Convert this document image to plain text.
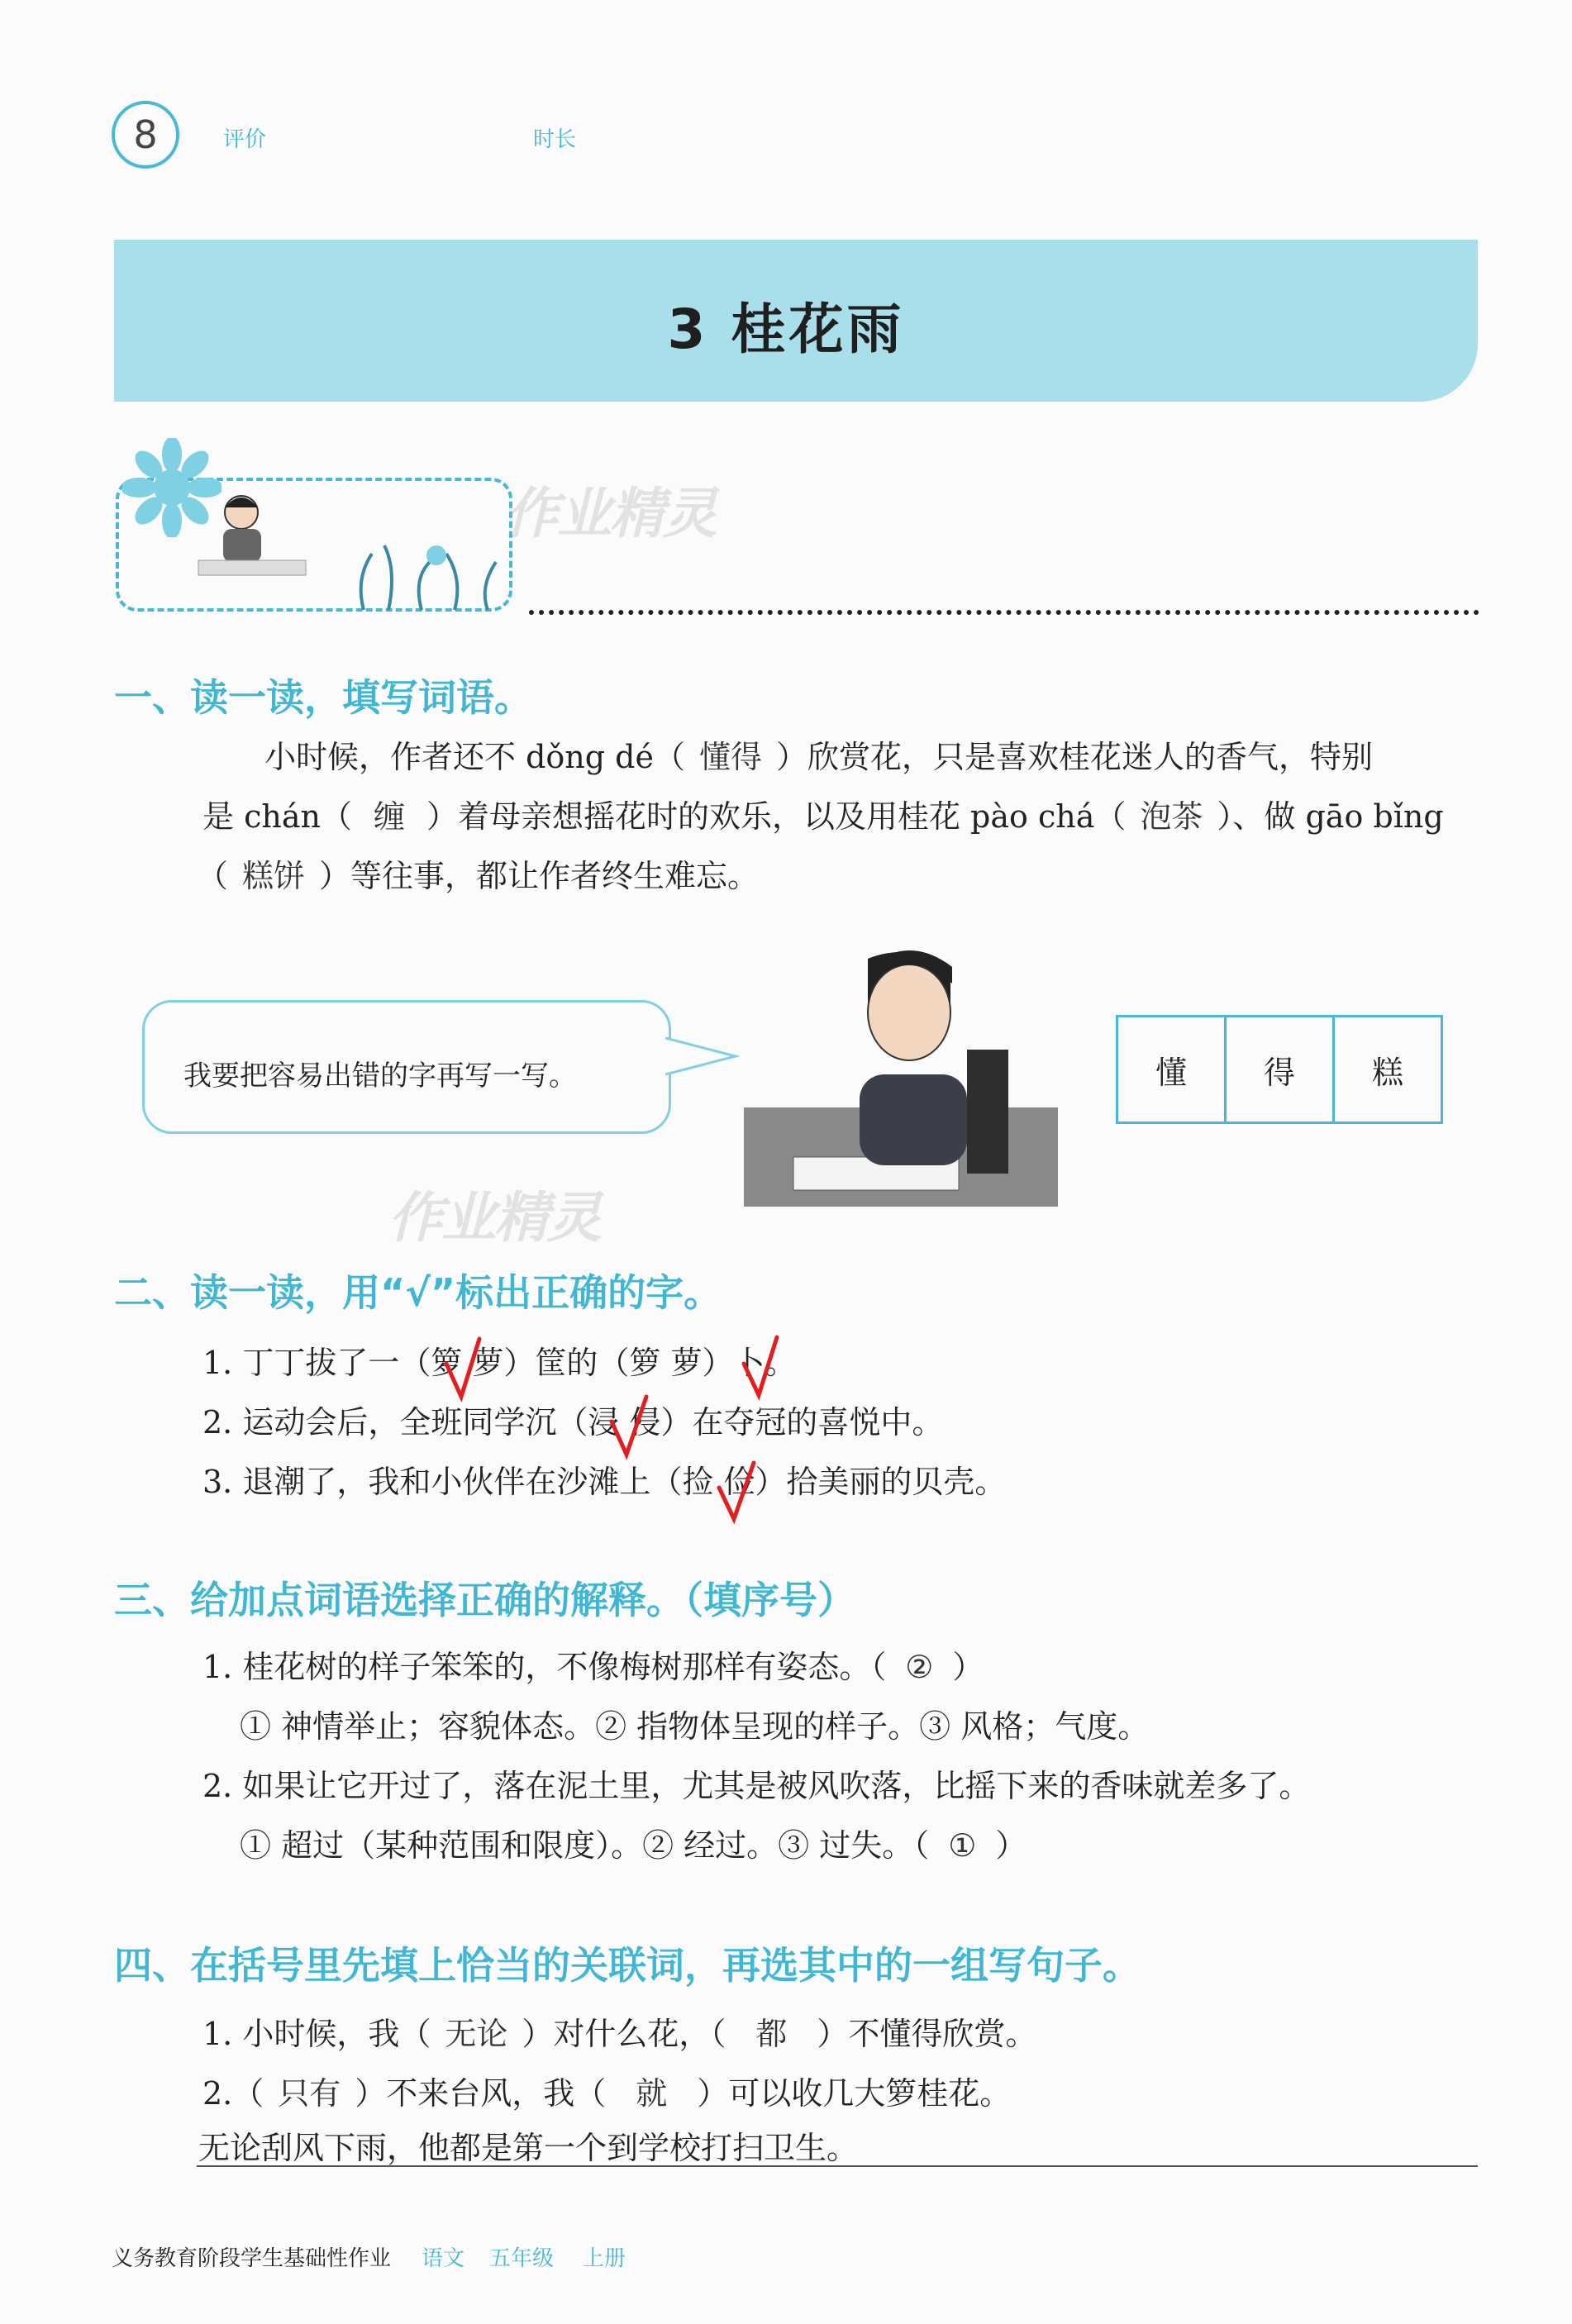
8	评价	时长
3 桂花雨
作业精灵
一、读一读，填写词语。
小时候，作者还不 dǒng dé（ 懂得 ）欣赏花，只是喜欢桂花迷人的香气，特别
是 chán（ 缠 ）着母亲想摇花时的欢乐，以及用桂花 pào chá（ 泡茶 ）、做 gāo bǐng
（ 糕饼 ）等往事，都让作者终生难忘。
我要把容易出错的字再写一写。	懂	得	糕
作业精灵
二、读一读，用“√”标出正确的字。
1. 丁丁拔了一（箩 萝）筐的（箩 萝）卜。
2. 运动会后，全班同学沉（浸 侵）在夺冠的喜悦中。
3. 退潮了，我和小伙伴在沙滩上（捡 俭）拾美丽的贝壳。
三、给加点词语选择正确的解释。（填序号）
1. 桂花树的样子笨笨的，不像梅树那样有姿态。（ ② ）
① 神情举止；容貌体态。② 指物体呈现的样子。③ 风格；气度。
2. 如果让它开过了，落在泥土里，尤其是被风吹落，比摇下来的香味就差多了。
① 超过（某种范围和限度）。② 经过。③ 过失。（ ① ）
四、在括号里先填上恰当的关联词，再选其中的一组写句子。
1. 小时候，我（ 无论 ）对什么花，（ 都 ）不懂得欣赏。
2.（ 只有 ）不来台风，我（ 就 ）可以收几大箩桂花。
无论刮风下雨，他都是第一个到学校打扫卫生。
义务教育阶段学生基础性作业 语文 五年级 上册
